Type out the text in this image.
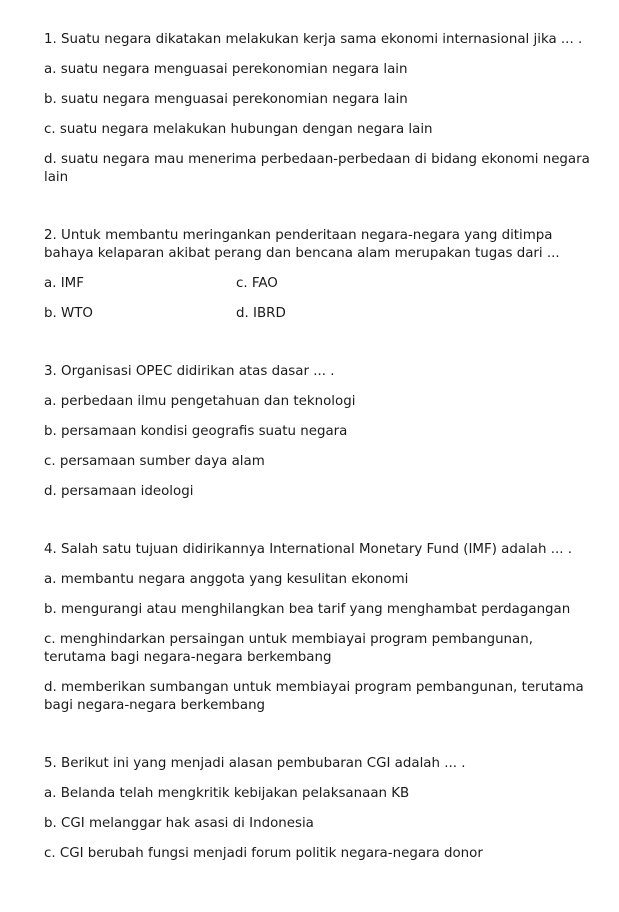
1. Suatu negara dikatakan melakukan kerja sama ekonomi internasional jika ... .
a. suatu negara menguasai perekonomian negara lain
b. suatu negara menguasai perekonomian negara lain
c. suatu negara melakukan hubungan dengan negara lain
d. suatu negara mau menerima perbedaan-perbedaan di bidang ekonomi negara lain
2. Untuk membantu meringankan penderitaan negara-negara yang ditimpa bahaya kelaparan akibat perang dan bencana alam merupakan tugas dari ...
a. IMF	c. FAO
b. WTO	d. IBRD
3. Organisasi OPEC didirikan atas dasar ... .
a. perbedaan ilmu pengetahuan dan teknologi
b. persamaan kondisi geografis suatu negara
c. persamaan sumber daya alam
d. persamaan ideologi
4. Salah satu tujuan didirikannya International Monetary Fund (IMF) adalah ... .
a. membantu negara anggota yang kesulitan ekonomi
b. mengurangi atau menghilangkan bea tarif yang menghambat perdagangan
c. menghindarkan persaingan untuk membiayai program pembangunan, terutama bagi negara-negara berkembang
d. memberikan sumbangan untuk membiayai program pembangunan, terutama bagi negara-negara berkembang
5. Berikut ini yang menjadi alasan pembubaran CGI adalah ... .
a. Belanda telah mengkritik kebijakan pelaksanaan KB
b. CGI melanggar hak asasi di Indonesia
c. CGI berubah fungsi menjadi forum politik negara-negara donor
